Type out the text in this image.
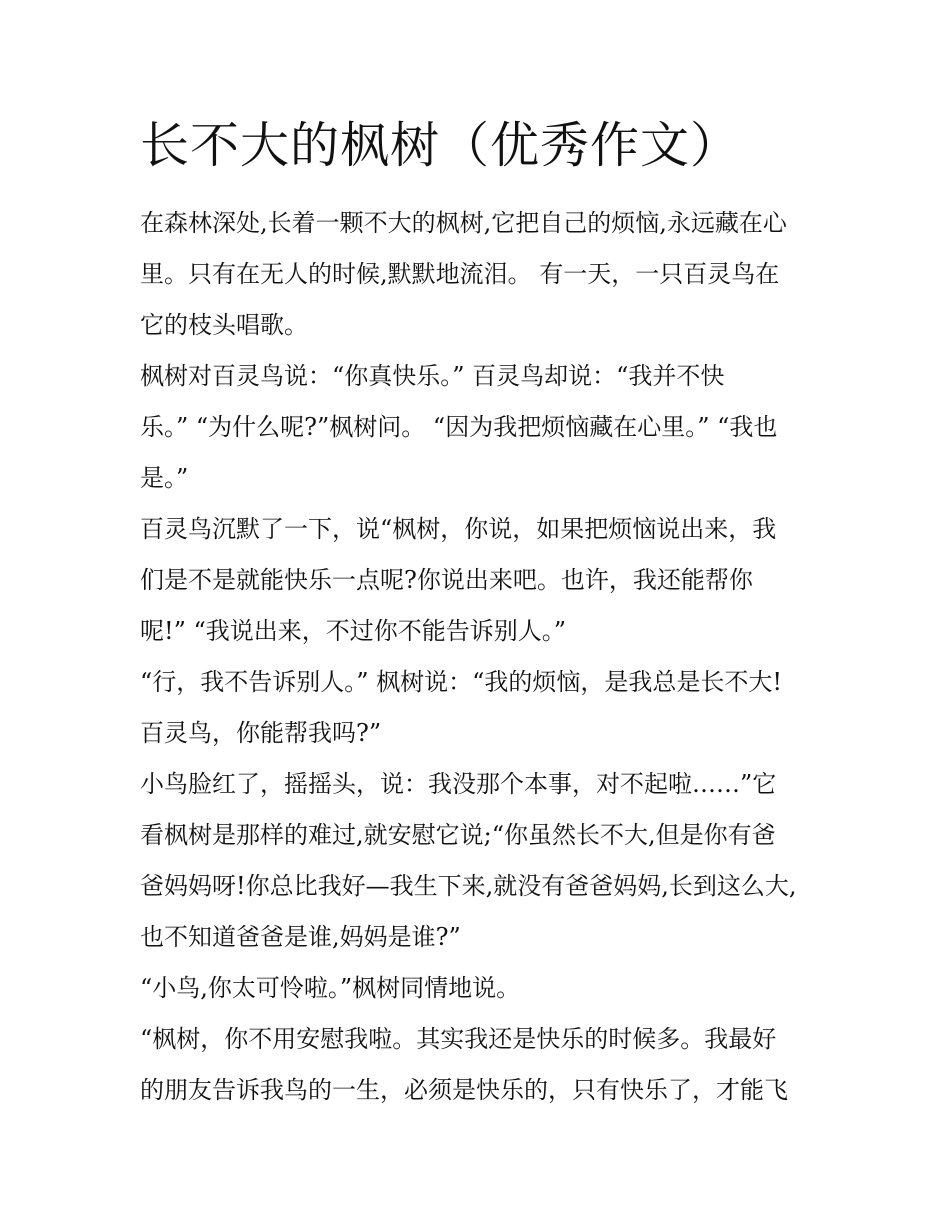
长不大的枫树（优秀作文）
在森林深处,长着一颗不大的枫树,它把自己的烦恼,永远藏在心
里。只有在无人的时候,默默地流泪。 有一天，一只百灵鸟在
它的枝头唱歌。
枫树对百灵鸟说：“你真快乐。” 百灵鸟却说：“我并不快
乐。” “为什么呢?”枫树问。 “因为我把烦恼藏在心里。” “我也
是。”
百灵鸟沉默了一下，说“枫树，你说，如果把烦恼说出来，我
们是不是就能快乐一点呢?你说出来吧。也许，我还能帮你
呢!” “我说出来，不过你不能告诉别人。”
“行，我不告诉别人。” 枫树说：“我的烦恼，是我总是长不大!
百灵鸟，你能帮我吗?”
小鸟脸红了，摇摇头，说：我没那个本事，对不起啦……”它
看枫树是那样的难过,就安慰它说;“你虽然长不大,但是你有爸
爸妈妈呀!你总比我好—我生下来,就没有爸爸妈妈,长到这么大,
也不知道爸爸是谁,妈妈是谁?”
“小鸟,你太可怜啦。”枫树同情地说。
“枫树，你不用安慰我啦。其实我还是快乐的时候多。我最好
的朋友告诉我鸟的一生，必须是快乐的，只有快乐了，才能飞
